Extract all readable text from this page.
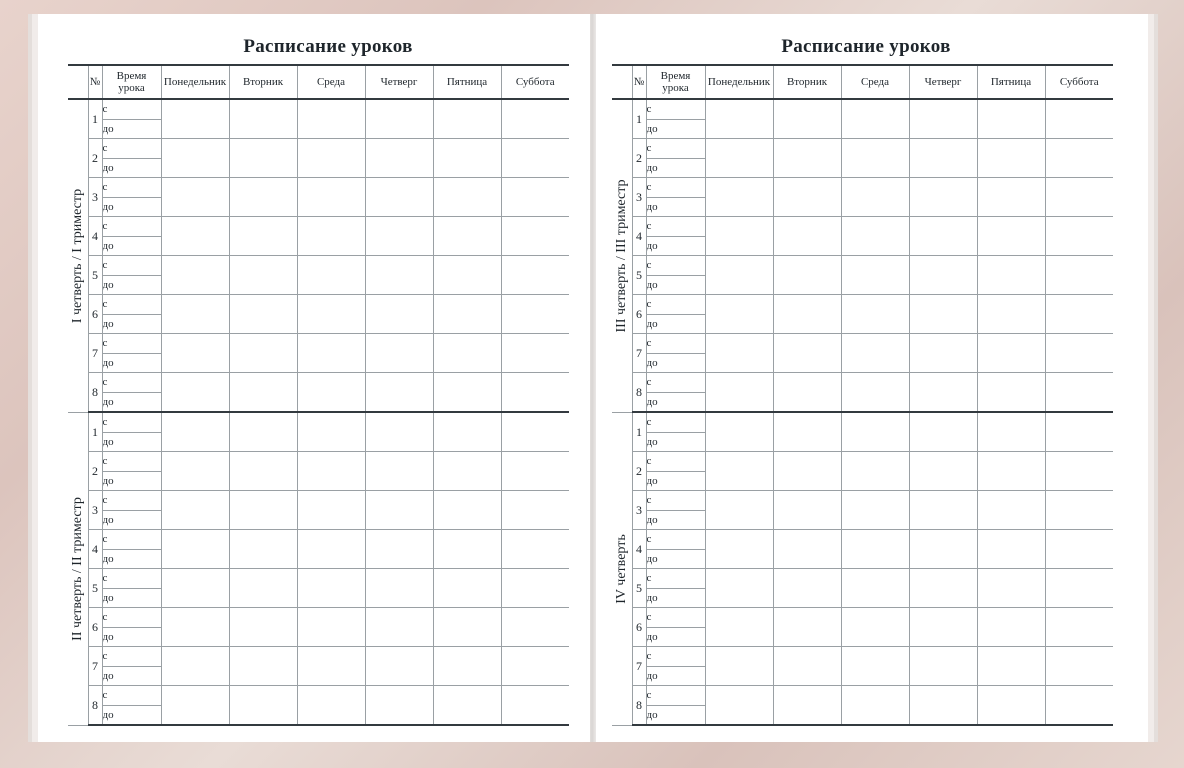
Расписание уроков
	№	Время урока	Понедельник	Вторник	Среда	Четверг	Пятница	Суббота

I четверть / I триместр	1	с						
		до						
	2	с						
		до						
	3	с						
		до						
	4	с						
		до						
	5	с						
		до						
	6	с						
		до						
	7	с						
		до						
	8	с						
		до						

II четверть / II триместр	1	с						
		до						
	2	с						
		до						
	3	с						
		до						
	4	с						
		до						
	5	с						
		до						
	6	с						
		до						
	7	с						
		до						
	8	с						
		до						
Расписание уроков
	№	Время урока	Понедельник	Вторник	Среда	Четверг	Пятница	Суббота

III четверть / III триместр	1	с						
		до						
	2	с						
		до						
	3	с						
		до						
	4	с						
		до						
	5	с						
		до						
	6	с						
		до						
	7	с						
		до						
	8	с						
		до						

IV четверть	1	с						
		до						
	2	с						
		до						
	3	с						
		до						
	4	с						
		до						
	5	с						
		до						
	6	с						
		до						
	7	с						
		до						
	8	с						
		до						
